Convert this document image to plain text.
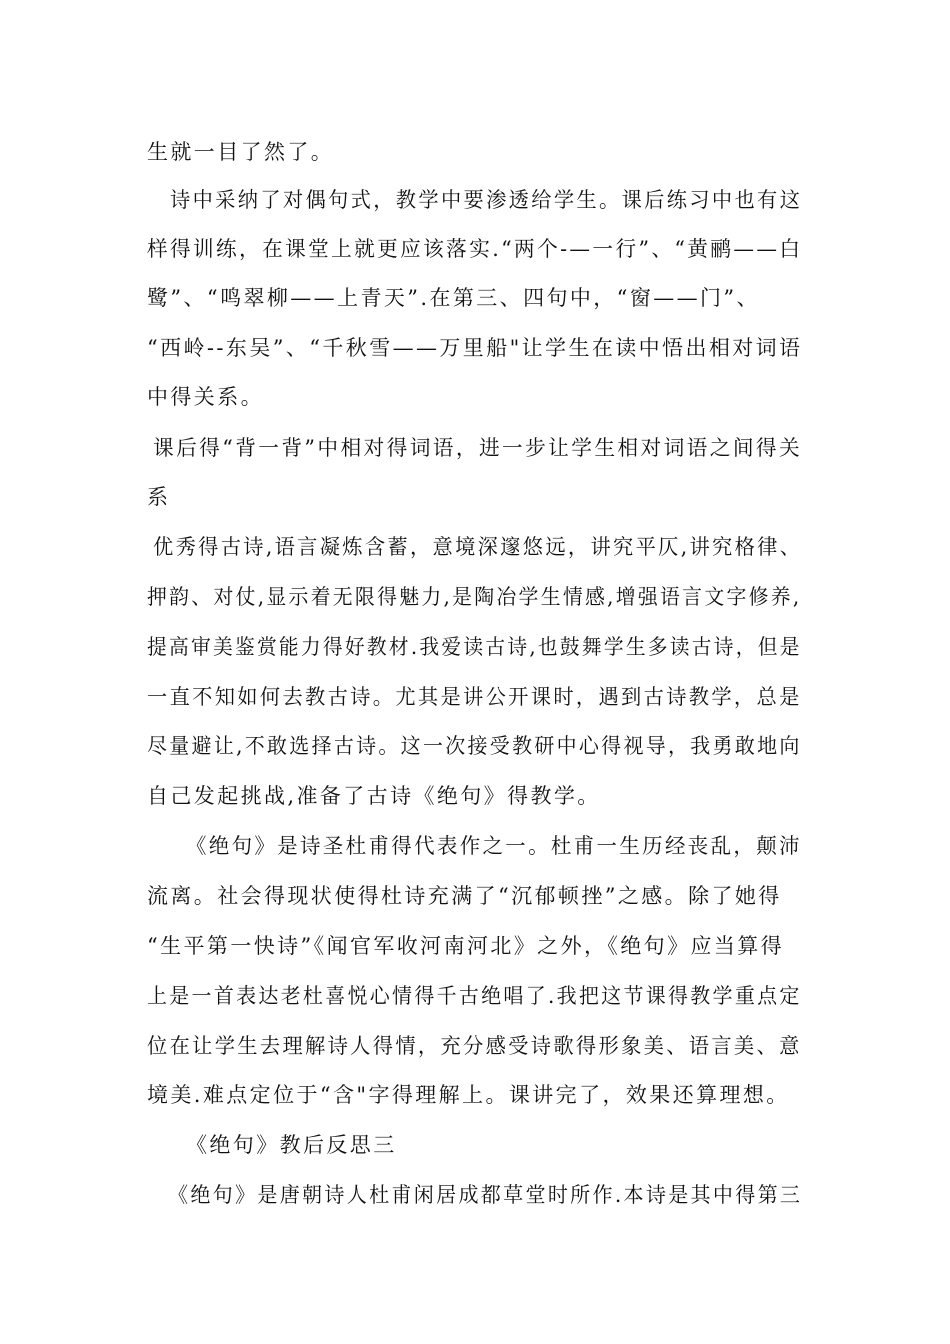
生就一目了然了。
诗中采纳了对偶句式，教学中要渗透给学生。课后练习中也有这
样得训练，在课堂上就更应该落实.“两个-—一行”、“黄鹂——白
鹭”、“鸣翠柳——上青天”.在第三、四句中，“窗——门”、
“西岭--东吴”、“千秋雪——万里船"让学生在读中悟出相对词语
中得关系。
课后得“背一背”中相对得词语，进一步让学生相对词语之间得关
系
优秀得古诗,语言凝炼含蓄，意境深邃悠远，讲究平仄,讲究格律、
押韵、对仗,显示着无限得魅力,是陶冶学生情感,增强语言文字修养,
提高审美鉴赏能力得好教材.我爱读古诗,也鼓舞学生多读古诗，但是
一直不知如何去教古诗。尤其是讲公开课时，遇到古诗教学，总是
尽量避让,不敢选择古诗。这一次接受教研中心得视导，我勇敢地向
自己发起挑战,准备了古诗《绝句》得教学。
《绝句》是诗圣杜甫得代表作之一。杜甫一生历经丧乱，颠沛
流离。社会得现状使得杜诗充满了“沉郁顿挫”之感。除了她得
“生平第一快诗”《闻官军收河南河北》之外，《绝句》应当算得
上是一首表达老杜喜悦心情得千古绝唱了.我把这节课得教学重点定
位在让学生去理解诗人得情，充分感受诗歌得形象美、语言美、意
境美.难点定位于“含"字得理解上。课讲完了，效果还算理想。
《绝句》教后反思三
《绝句》是唐朝诗人杜甫闲居成都草堂时所作.本诗是其中得第三
